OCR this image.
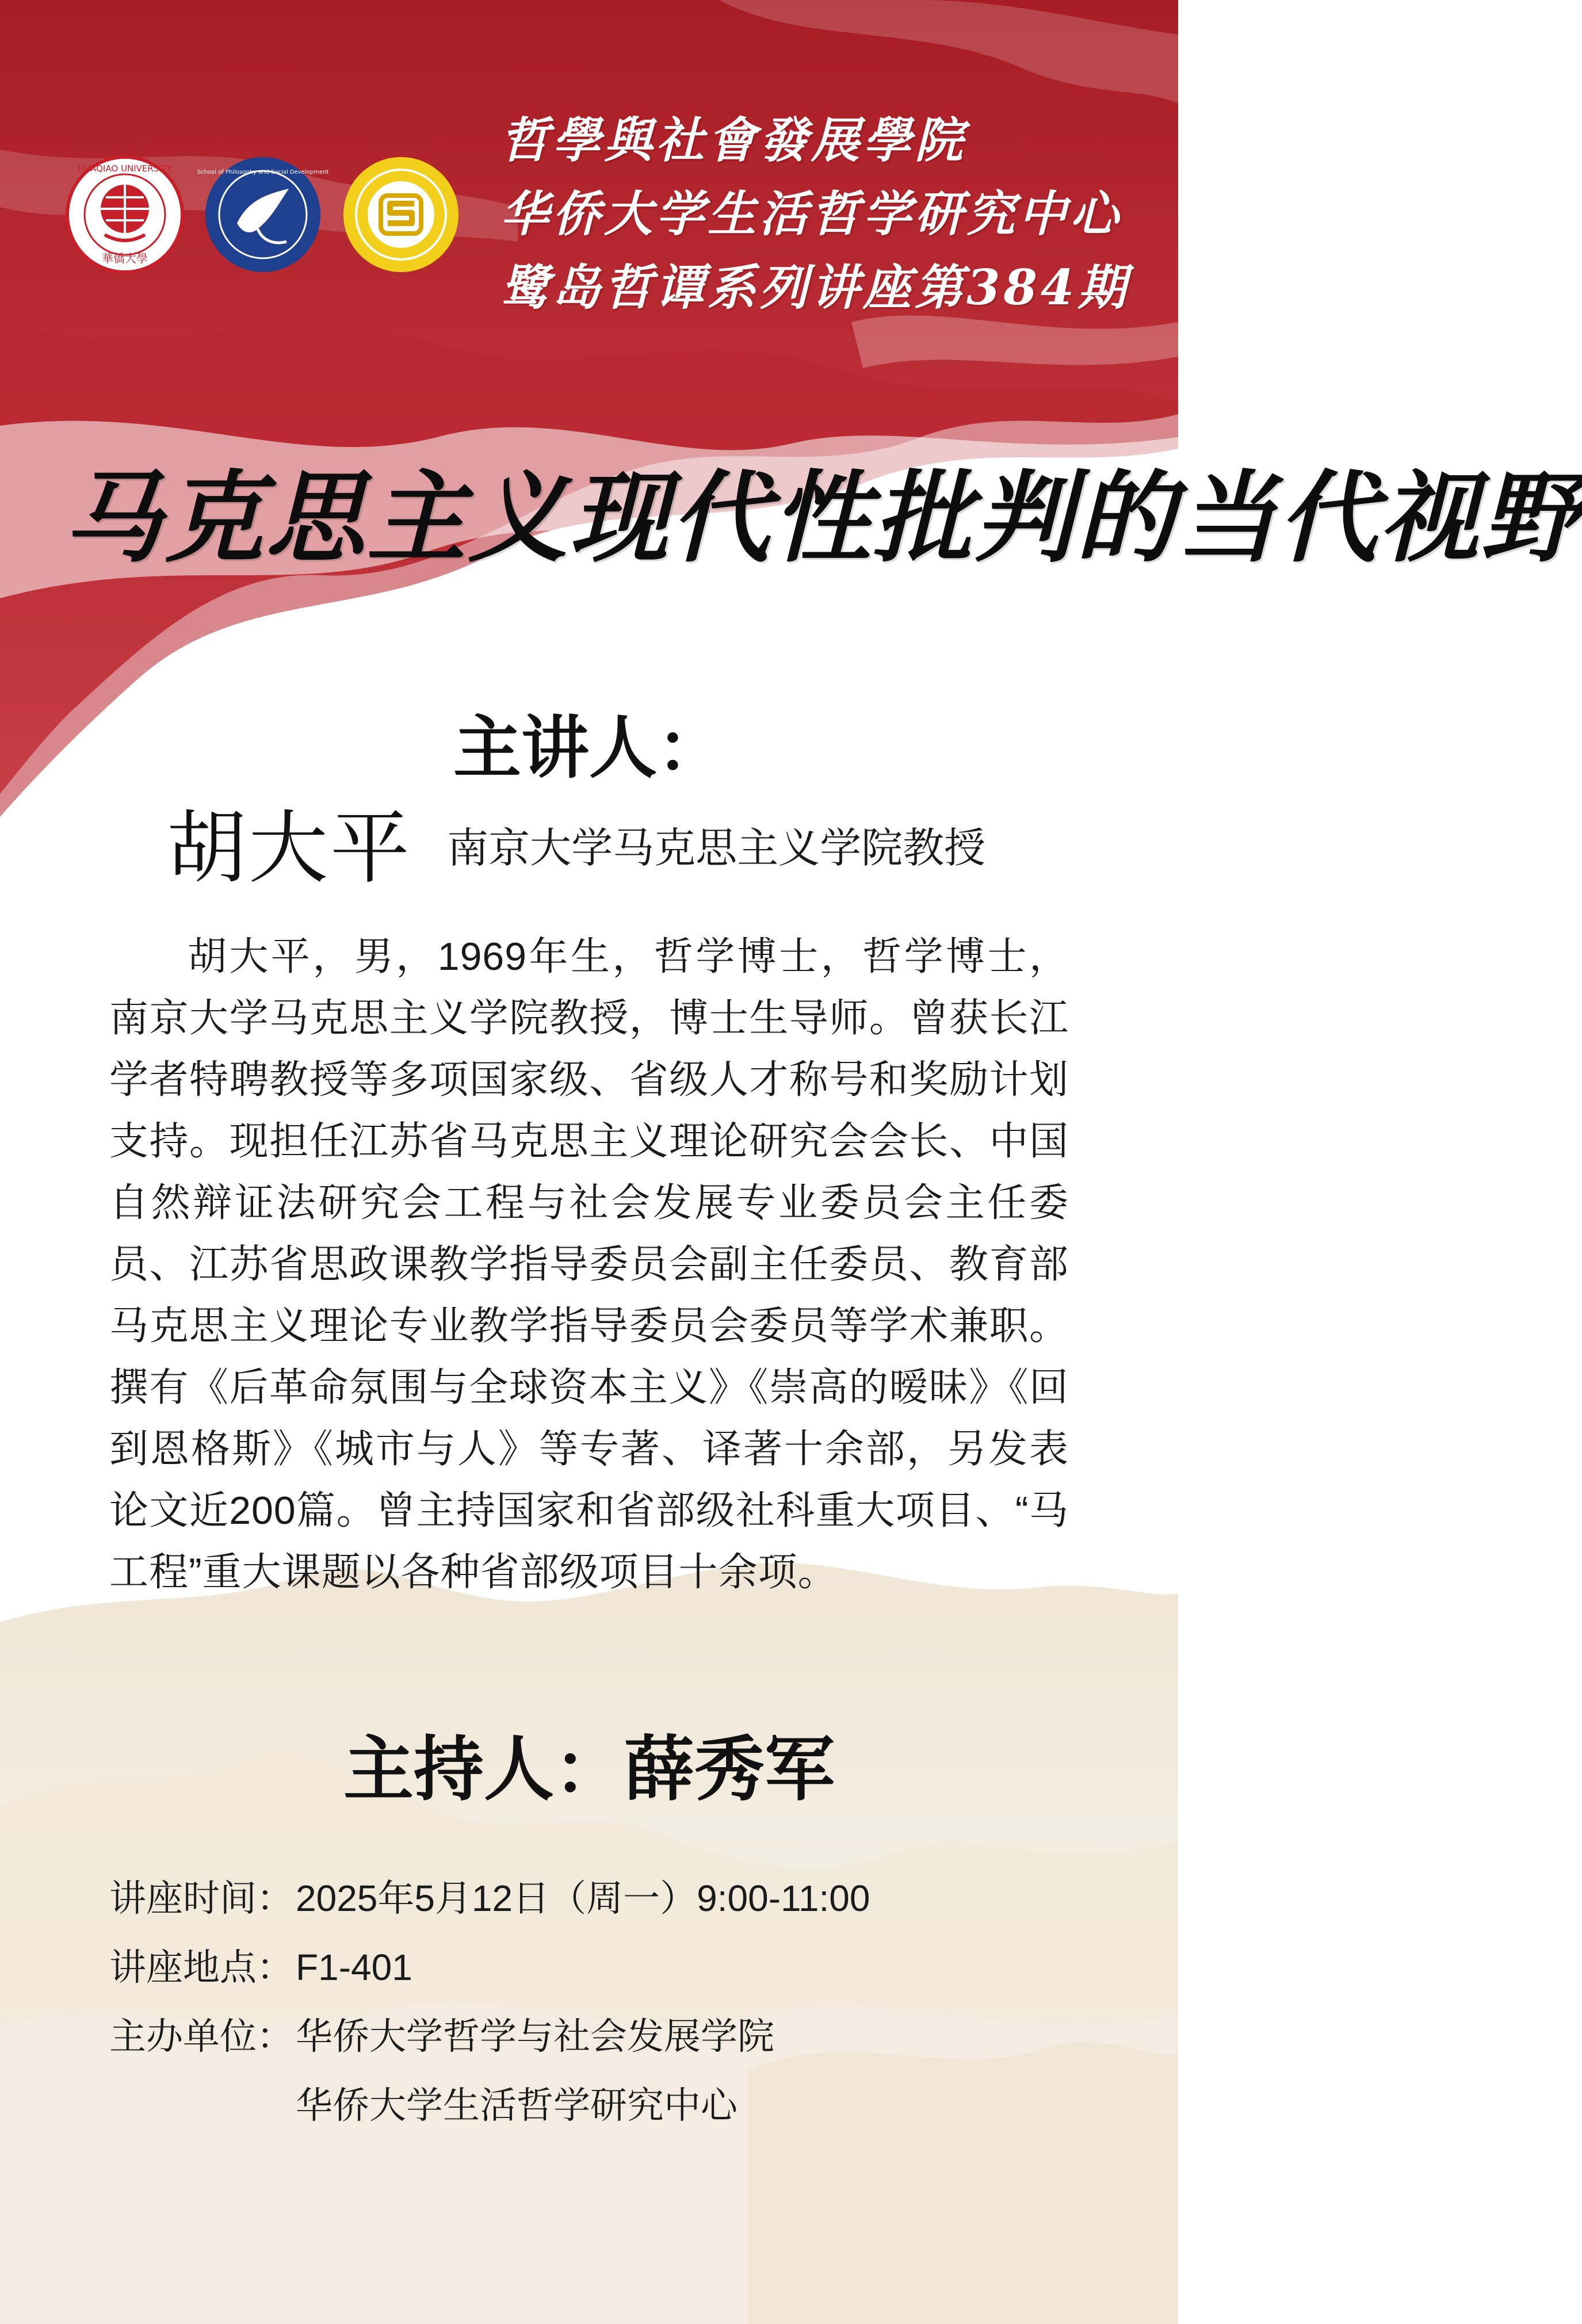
HUAQIAO UNIVERSITY
華僑大學
School of Philosophy and Social Development
哲學與社會發展學院
华侨大学生活哲学研究中心
鹭岛哲谭系列讲座第384期
马克思主义现代性批判的当代视野
主讲人：
胡大平 南京大学马克思主义学院教授
胡大平，男，1969年生，哲学博士，哲学博士，南京大学马克思主义学院教授，博士生导师。曾获长江学者特聘教授等多项国家级、省级人才称号和奖励计划支持。现担任江苏省马克思主义理论研究会会长、中国自然辩证法研究会工程与社会发展专业委员会主任委员、江苏省思政课教学指导委员会副主任委员、教育部马克思主义理论专业教学指导委员会委员等学术兼职。撰有《后革命氛围与全球资本主义》《崇高的暧昧》《回到恩格斯》《城市与人》等专著、译著十余部，另发表论文近200篇。曾主持国家和省部级社科重大项目、“马工程”重大课题以各种省部级项目十余项。
主持人：薛秀军
讲座时间： 2025年5月12日（周一）9:00-11:00
讲座地点： F1-401
主办单位： 华侨大学哲学与社会发展学院
华侨大学生活哲学研究中心
